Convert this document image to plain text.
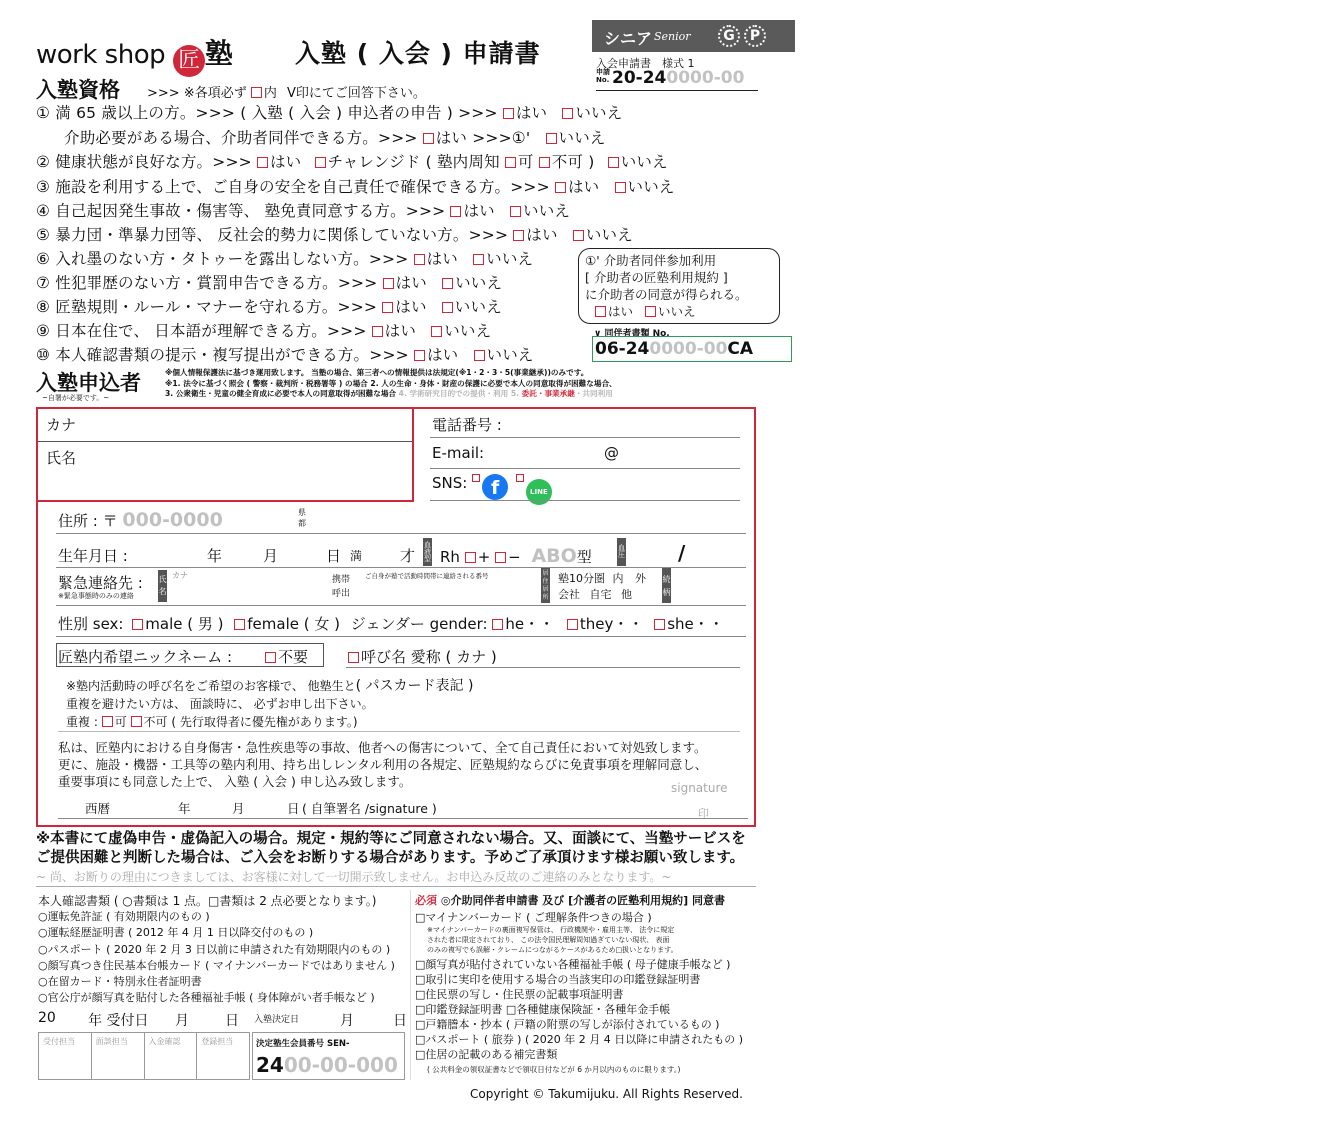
work shop 匠 塾	入塾 ( 入会 ) 申請書
シニア Senior	G
G P
入会申請書　様式 1
申請 No. 20-240000-00
入塾資格 >>> ※各項必ず 内 V印にてご回答下さい。
① 満 65 歳以上の方。>>> ( 入塾 ( 入会 ) 申込者の申告 ) >>> はい いいえ
介助必要がある場合、介助者同伴できる方。>>> はい >>>①' いいえ
② 健康状態が良好な方。>>> はい チャレンジド ( 塾内周知 可 不可 ) いいえ
③ 施設を利用する上で、ご自身の安全を自己責任で確保できる方。>>> はい いいえ
④ 自己起因発生事故・傷害等、 塾免責同意する方。>>> はい いいえ
⑤ 暴力団・準暴力団等、 反社会的勢力に関係していない方。>>> はい いいえ
⑥ 入れ墨のない方・タトゥーを露出しない方。>>> はい いいえ
⑦ 性犯罪歴のない方・賞罰申告できる方。>>> はい いいえ
⑧ 匠塾規則・ルール・マナーを守れる方。>>> はい いいえ
⑨ 日本在住で、 日本語が理解できる方。>>> はい いいえ
⑩ 本人確認書類の提示・複写提出ができる方。>>> はい いいえ
①' 介助者同伴参加利用
[ 介助者の匠塾利用規約 ]
に介助者の同意が得られる。
はい いいえ
∨ 同伴者書類 No.
06-240000-00CA
入塾申込者
~自署が必要です。~
※個人情報保護法に基づき運用致します。 当塾の場合、第三者への情報提供は法規定(※1・2・3・5(事業継承))のみです。
※1. 法令に基づく照会 ( 警察・裁判所・税務署等 ) の場合 2. 人の生命・身体・財産の保護に必要で本人の同意取得が困難な場合、
3. 公衆衛生・児童の健全育成に必要で本人の同意取得が困難な場合 4. 学術研究目的での提供・利用 5. 委託・事業承継・共同利用
カナ
氏名
電話番号 :
E-mail:	@
SNS: f	LINE
住所 : 〒 000-0000	県
都
生年月日 :	年	月	日 満	才
血液型 Rh + − ABO型	血圧	/
緊急連絡先 :
※緊急事態時のみの連絡
氏名
カナ	携帯
呼出
ご自身が塾で活動時間帯に連絡される番号	居住居所
塾10分圏 内 外
会社 自宅 他
続柄
性別 sex: male ( 男 ) female ( 女 ) ジェンダー gender: he・・ they・・ she・・
匠塾内希望ニックネーム :	不要	呼び名 愛称 ( カナ )
※塾内活動時の呼び名をご希望のお客様で、 他塾生と( パスカード表記 )
重複を避けたい方は、 面談時に、 必ずお申し出下さい。
重複 : 可 不可 ( 先行取得者に優先権があります。)
私は、匠塾内における自身傷害・急性疾患等の事故、他者への傷害について、全て自己責任において対処致します。
更に、施設・機器・工具等の塾内利用、持ち出しレンタル利用の各規定、匠塾規約ならびに免責事項を理解同意し、
重要事項にも同意した上で、 入塾 ( 入会 ) 申し込み致します。	signature
西暦	年	月	日 ( 自筆署名 /signature )	印
※本書にて虚偽申告・虚偽記入の場合。規定・規約等にご同意されない場合。又、面談にて、当塾サービスを
ご提供困難と判断した場合は、ご入会をお断りする場合があります。予めご了承頂けます様お願い致します。
~ 尚、お断りの理由につきましては、お客様に対して一切開示致しません。お申込み反故のご連絡のみとなります。~
本人確認書類 ( ○書類は 1 点。□書類は 2 点必要となります。)
○運転免許証 ( 有効期限内のもの )
○運転経歴証明書 ( 2012 年 4 月 1 日以降交付のもの )
○パスポート ( 2020 年 2 月 3 日以前に申請された有効期限内のもの )
○顔写真つき住民基本台帳カード ( マイナンバーカードではありません )
○在留カード・特別永住者証明書
○官公庁が顔写真を貼付した各種福祉手帳 ( 身体障がい者手帳など )
20 年 受付日 月	日 入塾決定日	月	日
受付担当	面談担当	入金確認	登録担当	決定塾生会員番号 SEN-
2400-00-000
必須 ◎介助同伴者申請書 及び [介護者の匠塾利用規約] 同意書
□マイナンバーカード ( ご理解条件つきの場合 )
※マイナンバーカードの裏面複写保管は、 行政機関や・雇用主等、 法令に規定
された者に限定されており、 この法令国民理解周知過ぎていない現状、 表面
のみの複写でも誤解・クレームにつながるケースがあるため□扱いとなります。
□顔写真が貼付されていない各種福祉手帳 ( 母子健康手帳など )
□取引に実印を使用する場合の当該実印の印鑑登録証明書
□住民票の写し・住民票の記載事項証明書
□印鑑登録証明書 □各種健康保険証・各種年金手帳
□戸籍謄本・抄本 ( 戸籍の附票の写しが添付されているもの )
□パスポート ( 旅券 ) ( 2020 年 2 月 4 日以降に申請されたもの )
□住居の記載のある補完書類
( 公共料金の領収証書などで領収日付などが 6 か月以内のものに限ります。)
Copyright © Takumijuku. All Rights Reserved.
